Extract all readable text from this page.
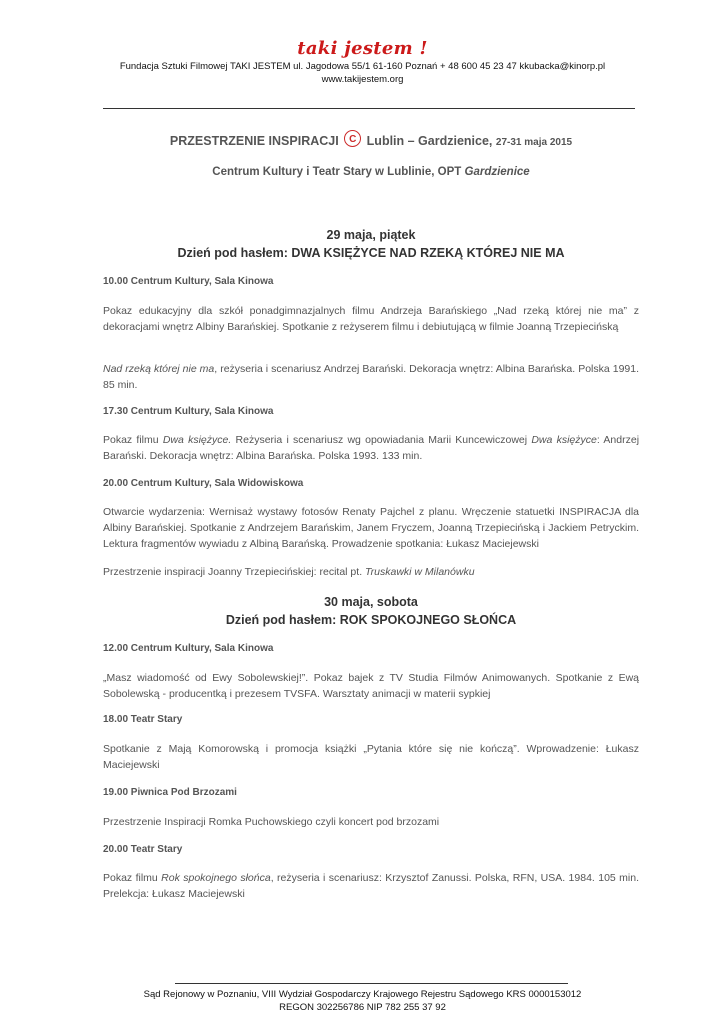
taki jestem !
Fundacja Sztuki Filmowej TAKI JESTEM ul. Jagodowa 55/1 61-160 Poznań + 48 600 45 23 47 kkubacka@kinorp.pl
www.takijestem.org
PRZESTRZENIE INSPIRACJI C Lublin – Gardzienice, 27-31 maja 2015
Centrum Kultury i Teatr Stary w Lublinie, OPT Gardzienice
29 maja, piątek
Dzień pod hasłem: DWA KSIĘŻYCE NAD RZEKĄ KTÓREJ NIE MA
10.00 Centrum Kultury, Sala Kinowa
Pokaz edukacyjny dla szkół ponadgimnazjalnych filmu Andrzeja Barańskiego „Nad rzeką której nie ma” z dekoracjami wnętrz Albiny Barańskiej. Spotkanie z reżyserem filmu i debiutującą w filmie Joanną Trzepiecińską
Nad rzeką której nie ma, reżyseria i scenariusz Andrzej Barański. Dekoracja wnętrz: Albina Barańska. Polska 1991. 85 min.
17.30 Centrum Kultury, Sala Kinowa
Pokaz filmu Dwa księżyce. Reżyseria i scenariusz wg opowiadania Marii Kuncewiczowej Dwa księżyce: Andrzej Barański. Dekoracja wnętrz: Albina Barańska. Polska 1993. 133 min.
20.00 Centrum Kultury, Sala Widowiskowa
Otwarcie wydarzenia: Wernisaż wystawy fotosów Renaty Pajchel z planu. Wręczenie statuetki INSPIRACJA dla Albiny Barańskiej. Spotkanie z Andrzejem Barańskim, Janem Fryczem, Joanną Trzepiecińską i Jackiem Petryckim. Lektura fragmentów wywiadu z Albiną Barańską. Prowadzenie spotkania: Łukasz Maciejewski
Przestrzenie inspiracji Joanny Trzepiecińskiej: recital pt. Truskawki w Milanówku
30 maja, sobota
Dzień pod hasłem: ROK SPOKOJNEGO SŁOŃCA
12.00 Centrum Kultury, Sala Kinowa
„Masz wiadomość od Ewy Sobolewskiej!”. Pokaz bajek z TV Studia Filmów Animowanych. Spotkanie z Ewą Sobolewską - producentką i prezesem TVSFA. Warsztaty animacji w materii sypkiej
18.00 Teatr Stary
Spotkanie z Mają Komorowską i promocja książki „Pytania które się nie kończą”. Wprowadzenie: Łukasz Maciejewski
19.00 Piwnica Pod Brzozami
Przestrzenie Inspiracji Romka Puchowskiego czyli koncert pod brzozami
20.00 Teatr Stary
Pokaz filmu Rok spokojnego słońca, reżyseria i scenariusz: Krzysztof Zanussi. Polska, RFN, USA. 1984. 105 min. Prelekcja: Łukasz Maciejewski
Sąd Rejonowy w Poznaniu, VIII Wydział Gospodarczy Krajowego Rejestru Sądowego KRS 0000153012
REGON 302256786 NIP 782 255 37 92
